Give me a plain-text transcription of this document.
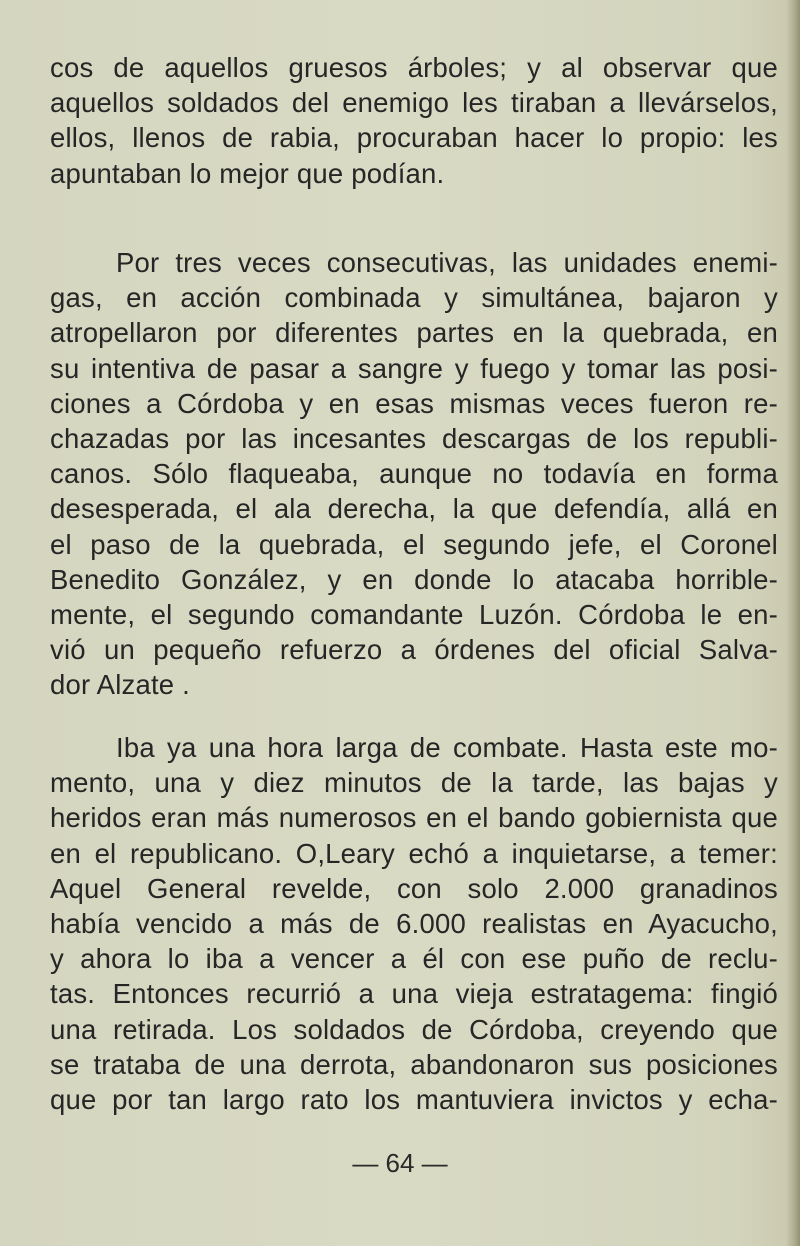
cos de aquellos gruesos árboles; y al observar que
aquellos soldados del enemigo les tiraban a llevárselos,
ellos, llenos de rabia, procuraban hacer lo propio: les
apuntaban lo mejor que podían.
Por tres veces consecutivas, las unidades enemi-
gas, en acción combinada y simultánea, bajaron y
atropellaron por diferentes partes en la quebrada, en
su intentiva de pasar a sangre y fuego y tomar las posi-
ciones a Córdoba y en esas mismas veces fueron re-
chazadas por las incesantes descargas de los republi-
canos. Sólo flaqueaba, aunque no todavía en forma
desesperada, el ala derecha, la que defendía, allá en
el paso de la quebrada, el segundo jefe, el Coronel
Benedito González, y en donde lo atacaba horrible-
mente, el segundo comandante Luzón. Córdoba le en-
vió un pequeño refuerzo a órdenes del oficial Salva-
dor Alzate .
Iba ya una hora larga de combate. Hasta este mo-
mento, una y diez minutos de la tarde, las bajas y
heridos eran más numerosos en el bando gobiernista que
en el republicano. O,Leary echó a inquietarse, a temer:
Aquel General revelde, con solo 2.000 granadinos
había vencido a más de 6.000 realistas en Ayacucho,
y ahora lo iba a vencer a él con ese puño de reclu-
tas. Entonces recurrió a una vieja estratagema: fingió
una retirada. Los soldados de Córdoba, creyendo que
se trataba de una derrota, abandonaron sus posiciones
que por tan largo rato los mantuviera invictos y echa-
— 64 —
